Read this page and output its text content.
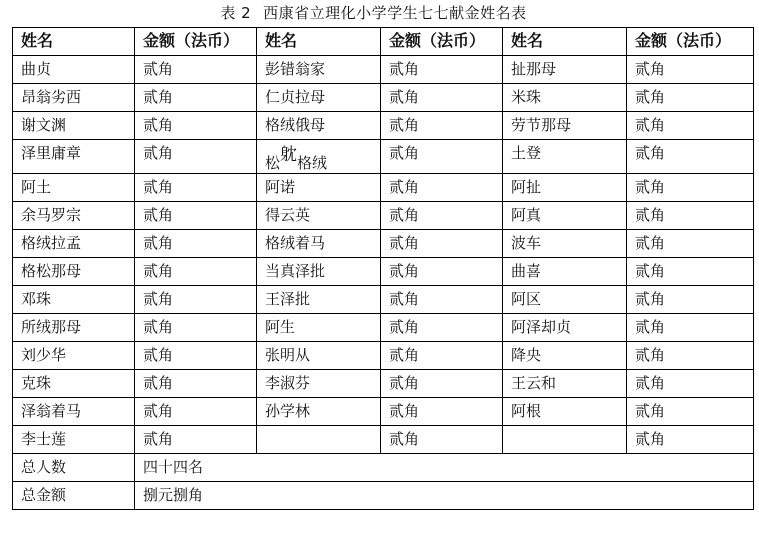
表 2 西康省立理化小学学生七七献金姓名表
姓名	金额（法币）	姓名	金额（法币）	姓名	金额（法币）
曲贞	贰角	彭错翁家	贰角	扯那母	贰角
昂翁劣西	贰角	仁贞拉母	贰角	米珠	贰角
谢文渊	贰角	格绒俄母	贰角	劳节那母	贰角
泽里庸章	贰角	松躭格绒	贰角	土登	贰角
阿土	贰角	阿诺	贰角	阿扯	贰角
余马罗宗	贰角	得云英	贰角	阿真	贰角
格绒拉孟	贰角	格绒着马	贰角	波车	贰角
格松那母	贰角	当真泽批	贰角	曲喜	贰角
邓珠	贰角	王泽批	贰角	阿区	贰角
所绒那母	贰角	阿生	贰角	阿泽却贞	贰角
刘少华	贰角	张明从	贰角	降央	贰角
克珠	贰角	李淑芬	贰角	王云和	贰角
泽翁着马	贰角	孙学林	贰角	阿根	贰角
李士莲	贰角		贰角		贰角
总人数	四十四名				
总金额	捌元捌角				
